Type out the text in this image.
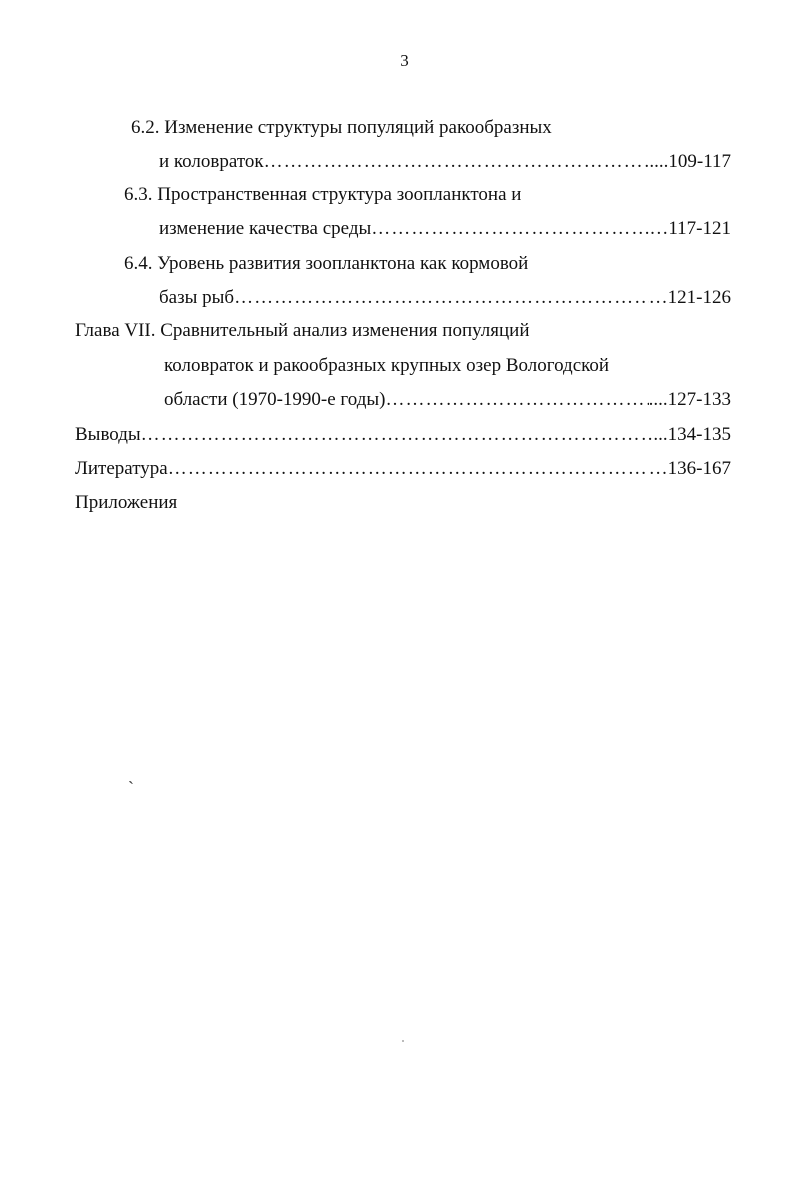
3
6.2. Изменение структуры популяций ракообразных
и коловраток ………………………………………………………………………………………………………………………………………………………………	....109-117
6.3. Пространственная структура зоопланктона и
изменение качества среды ………………………………………………………………………………………………………………………………………………………………	…117-121
6.4. Уровень развития зоопланктона как кормовой
базы рыб ………………………………………………………………………………………………………………………………………………………………	…121-126
Глава VII. Сравнительный анализ изменения популяций
коловраток и ракообразных крупных озер Вологодской
области (1970-1990-е годы) ………………………………………………………………………………………………………………………………………………………………	....127-133
Выводы ………………………………………………………………………………………………………………………………………………………………	...134-135
Литература ………………………………………………………………………………………………………………………………………………………………	…136-167
Приложения
`
